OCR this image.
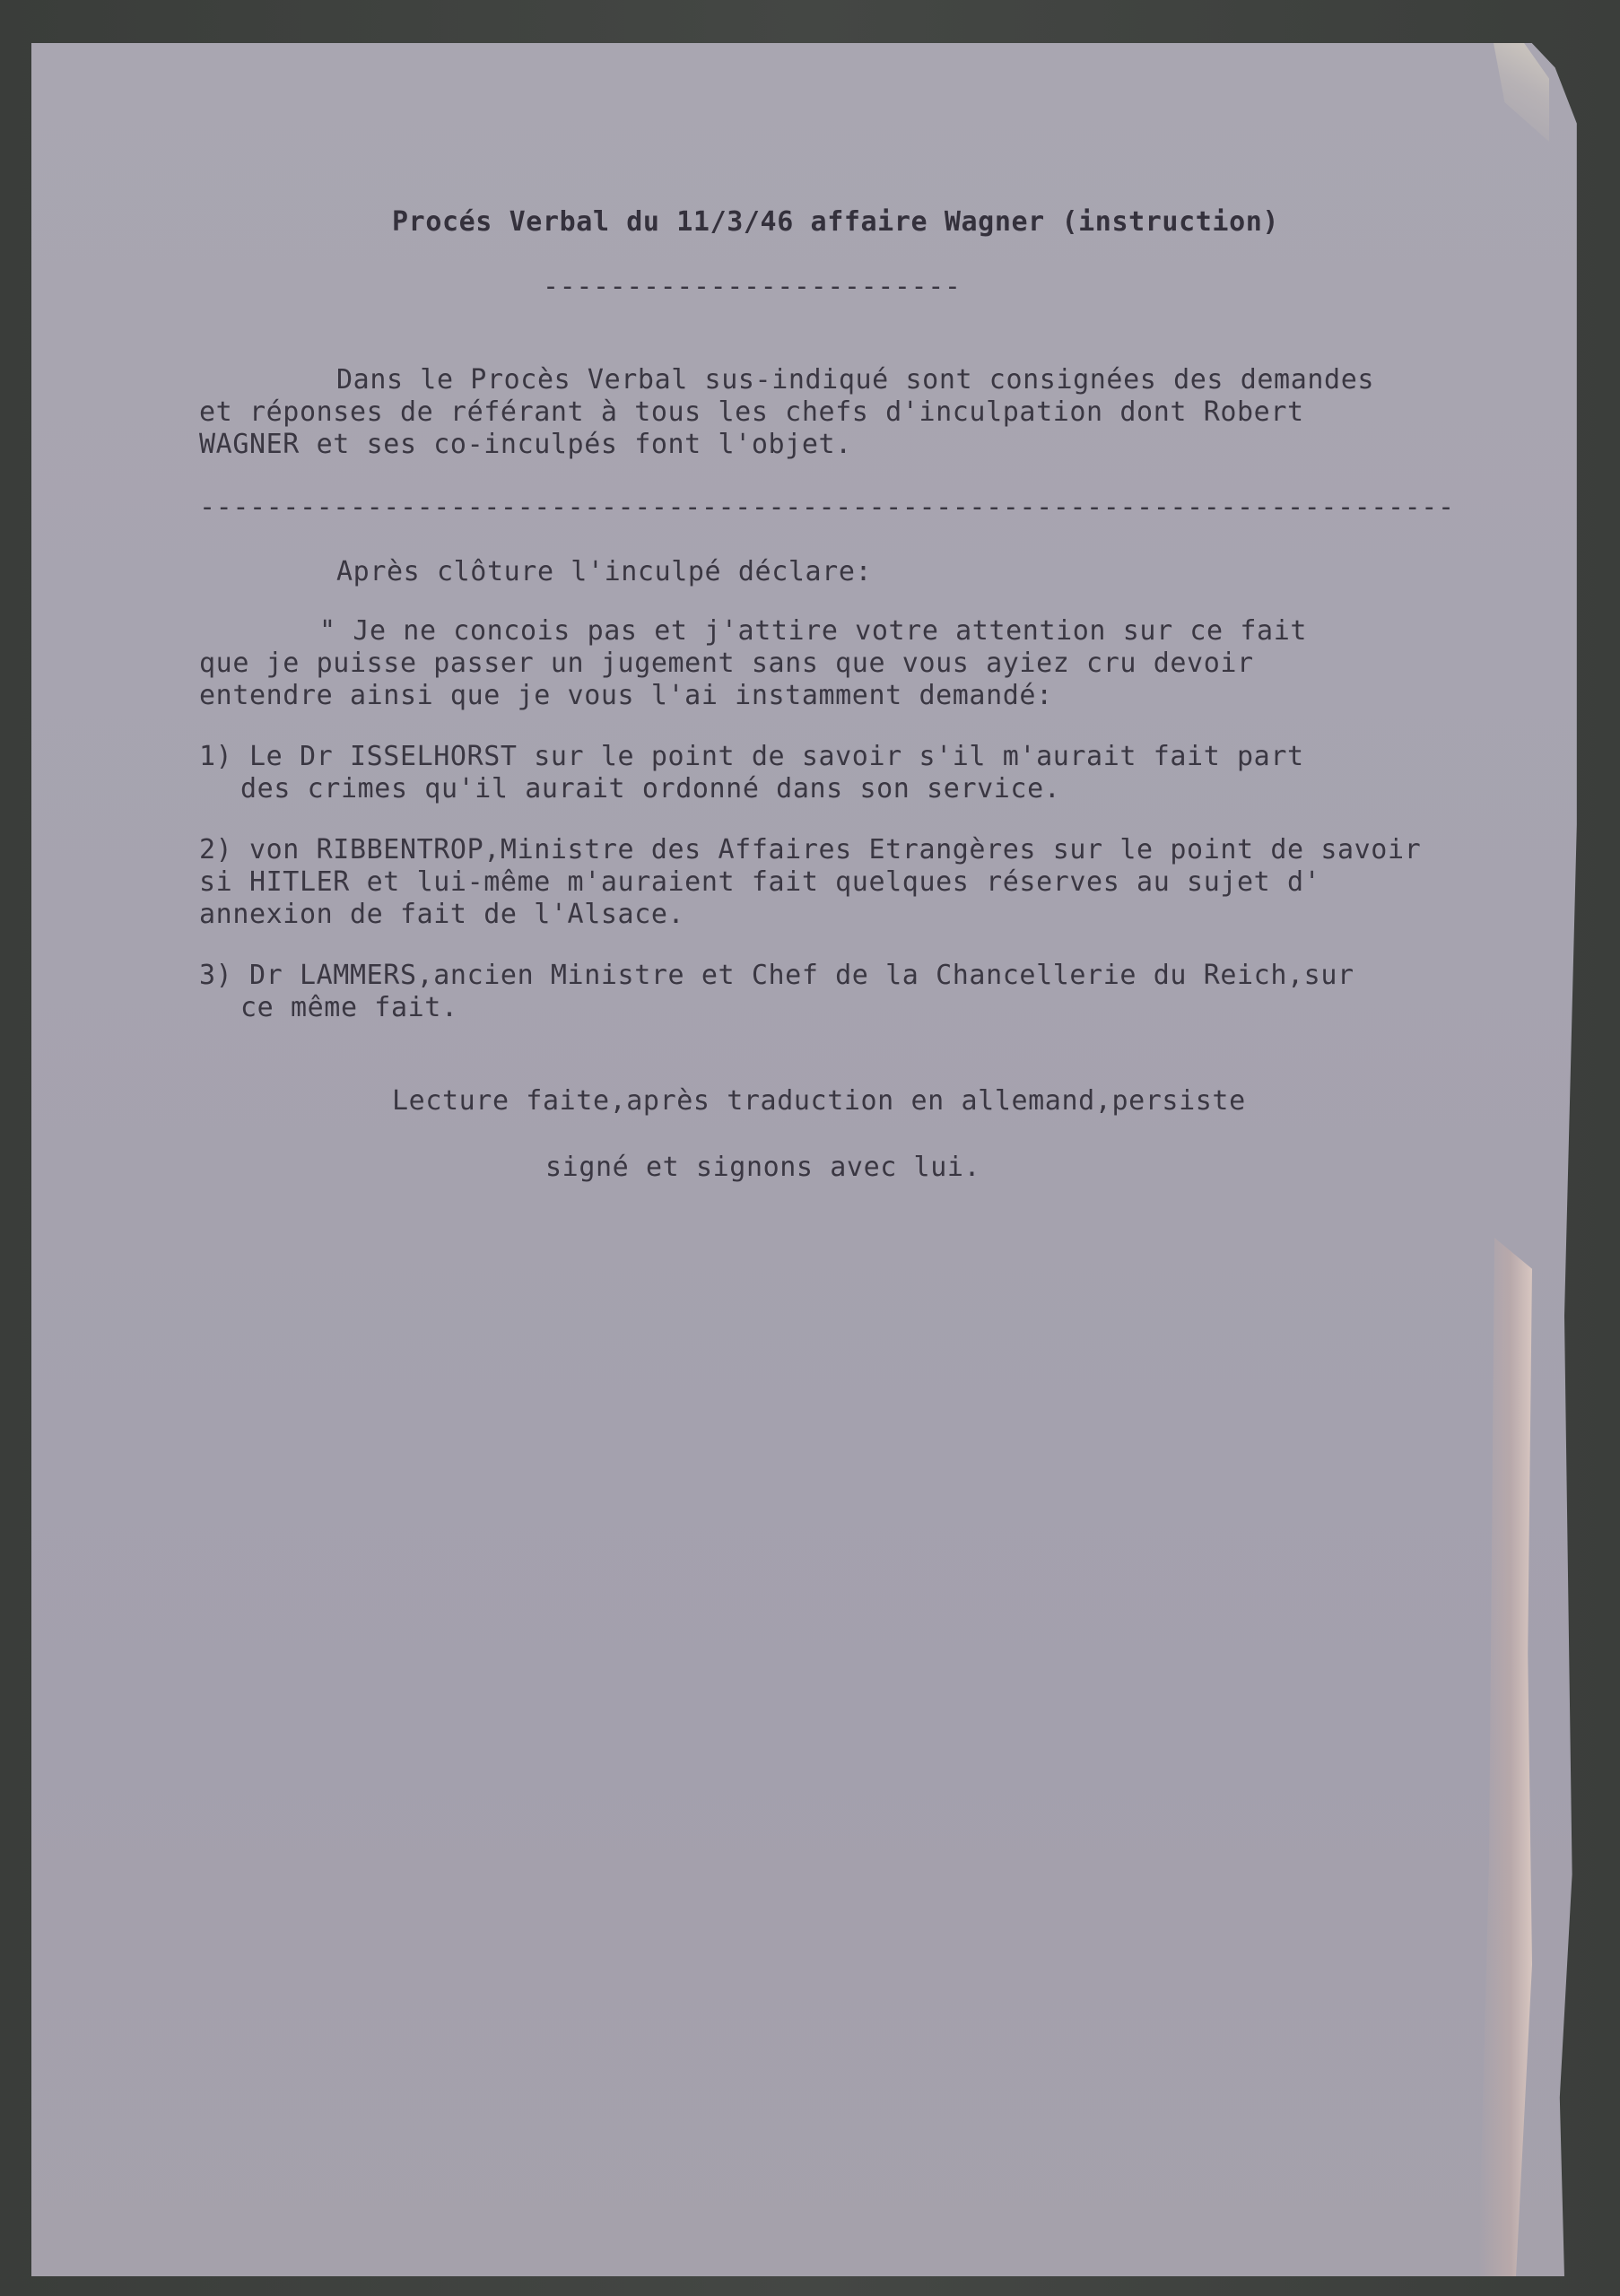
Procés Verbal du 11/3/46 affaire Wagner (instruction)
-------------------------
Dans le Procès Verbal sus-indiqué sont consignées des demandes
et réponses de référant à tous les chefs d'inculpation dont Robert
WAGNER et ses co-inculpés font l'objet.
---------------------------------------------------------------------------
Après clôture l'inculpé déclare:
" Je ne concois pas et j'attire votre attention sur ce fait
que je puisse passer un jugement sans que vous ayiez cru devoir
entendre ainsi que je vous l'ai instamment demandé:
1) Le Dr ISSELHORST sur le point de savoir s'il m'aurait fait part
des crimes qu'il aurait ordonné dans son service.
2) von RIBBENTROP,Ministre des Affaires Etrangères sur le point de savoir
si HITLER et lui-même m'auraient fait quelques réserves au sujet d'
annexion de fait de l'Alsace.
3) Dr LAMMERS,ancien Ministre et Chef de la Chancellerie du Reich,sur
ce même fait.
Lecture faite,après traduction en allemand,persiste
signé et signons avec lui.
